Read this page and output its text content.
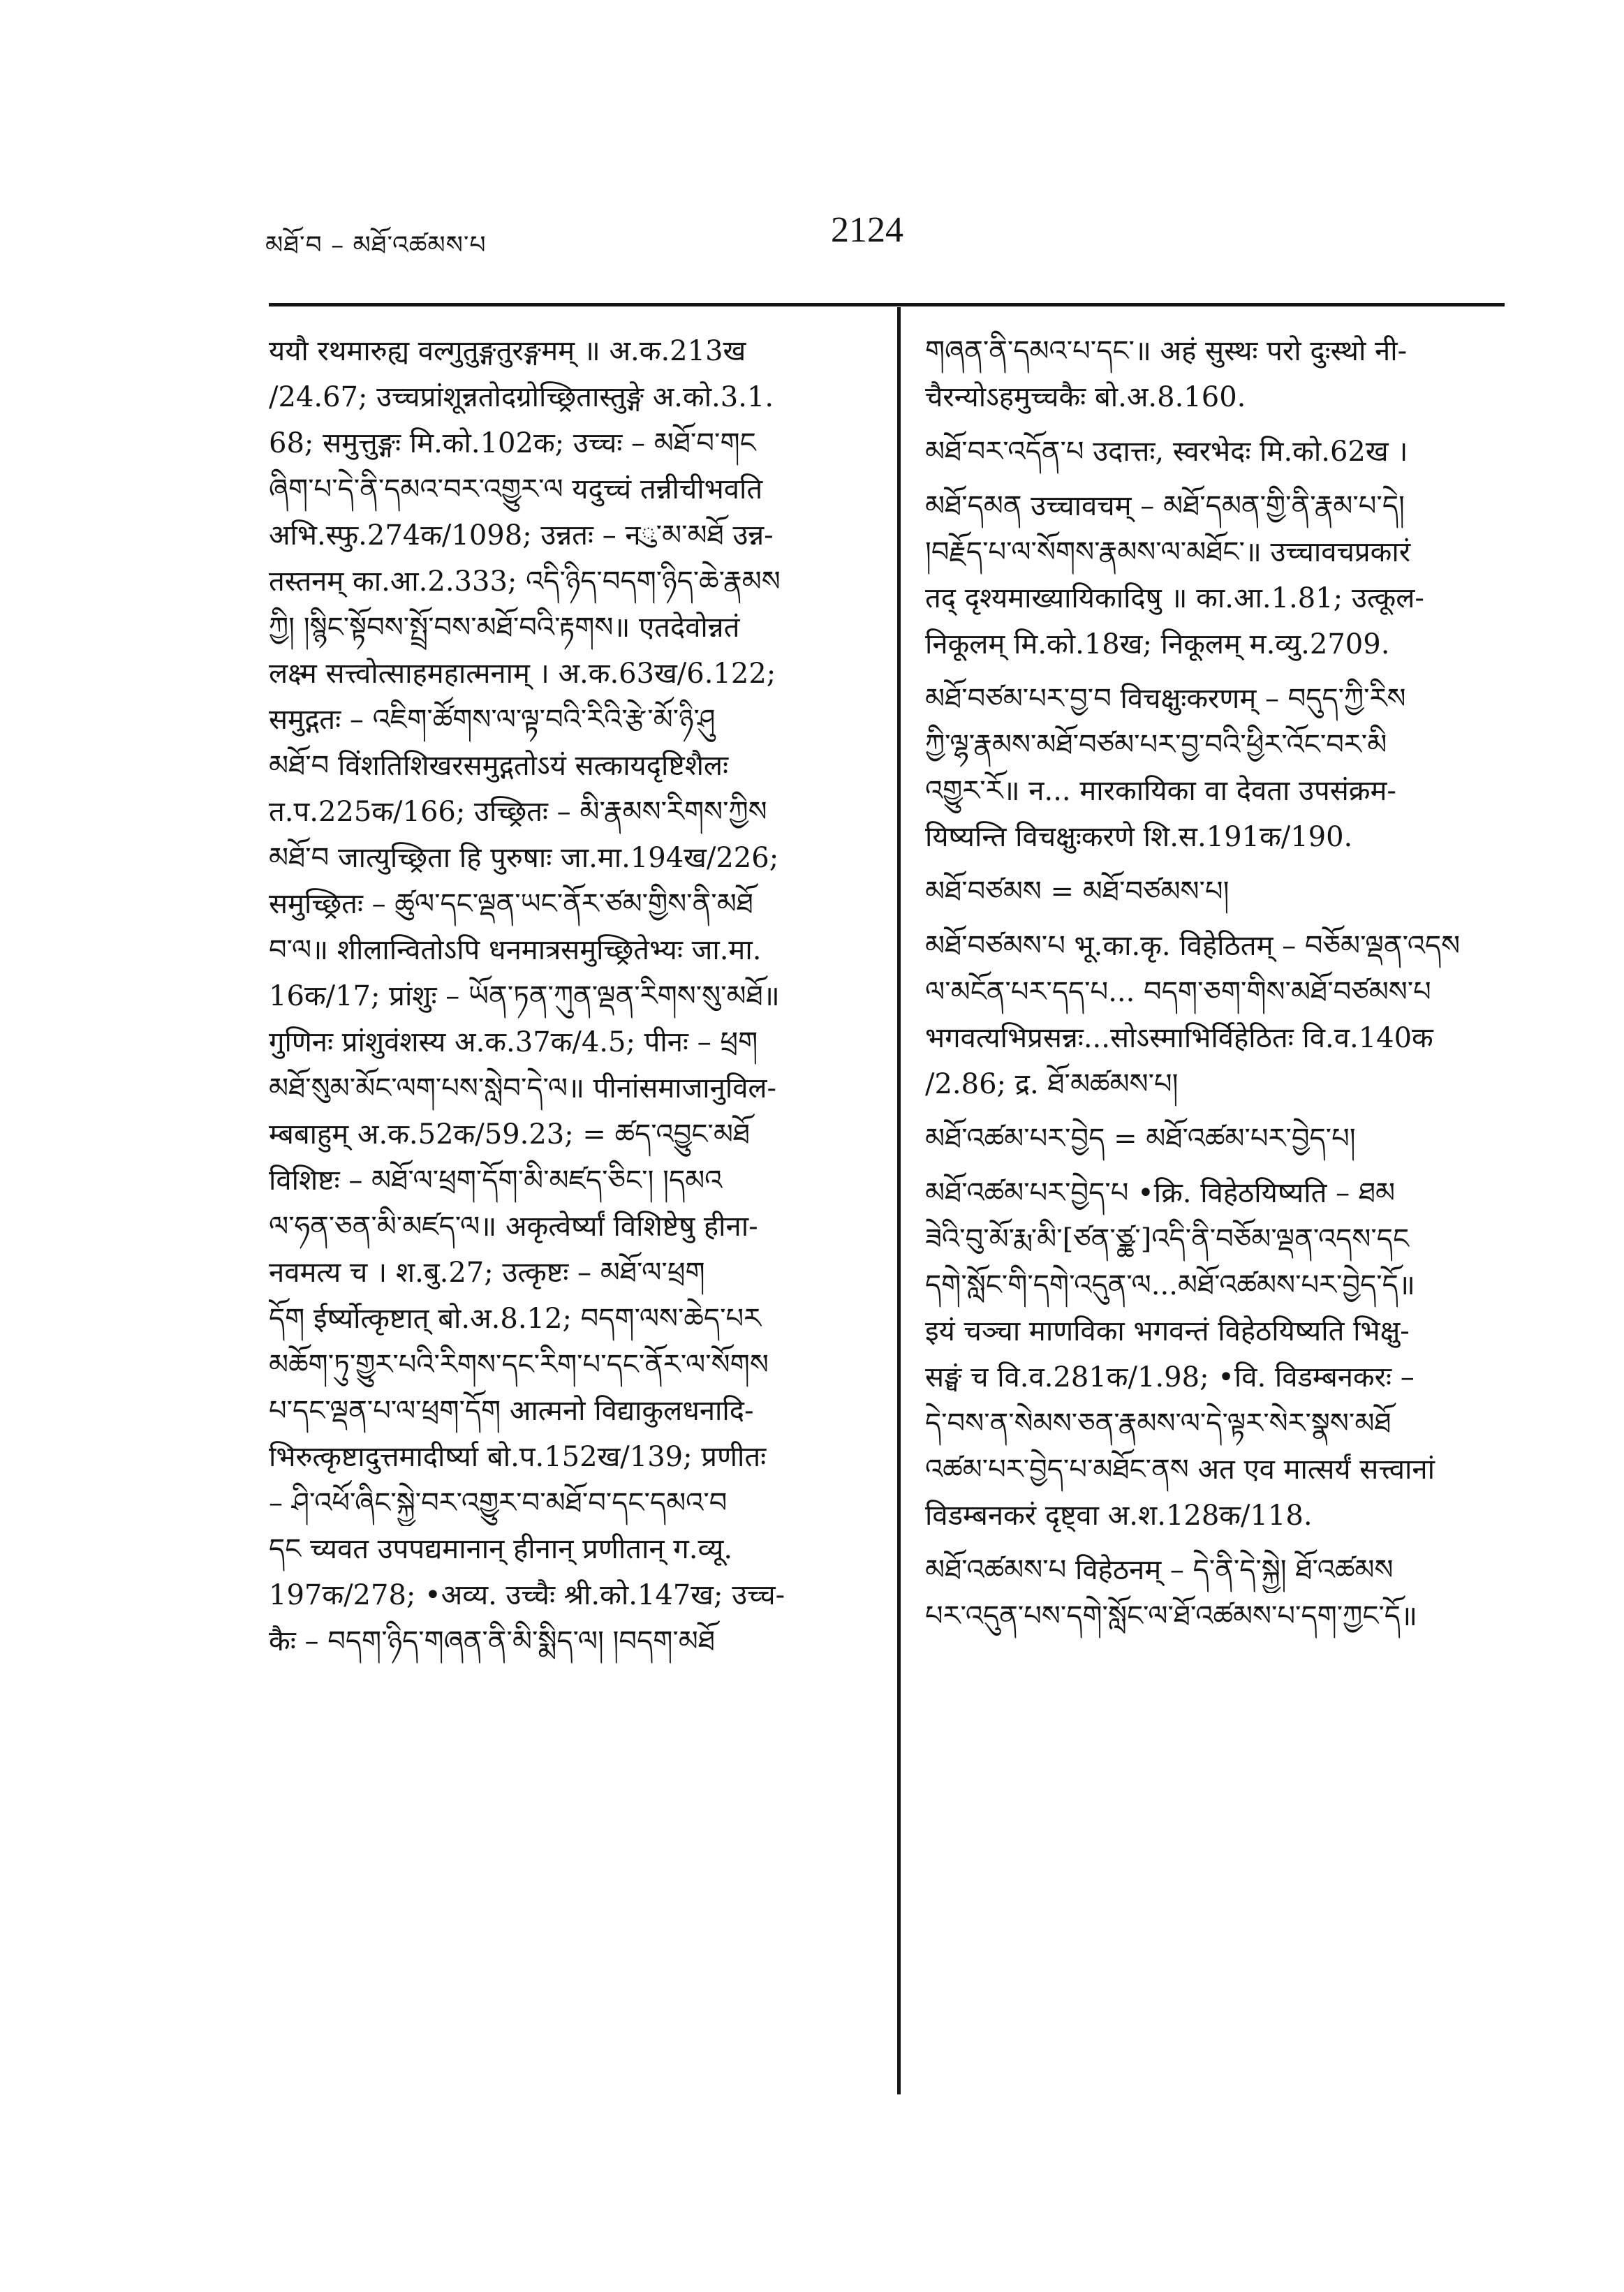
མཐོ་བ – མཐོ་འཚམས་པ	2124
ययौ रथमारुह्य वल्गुतुङ्गतुरङ्गमम् ॥ अ.क.213ख
/24.67; उच्चप्रांशून्नतोदग्रोच्छ्रितास्तुङ्गे अ.को.3.1.
68; समुत्तुङ्गः मि.को.102क; उच्चः – མཐོ་བ་གང
ཞིག་པ་དེ་ནི་དམའ་བར་འགྱུར་ལ यदुच्चं तन्नीचीभवति
अभि.स्फु.274क/1098; उन्नतः – नུ་མ་མཐོ उन्न-
तस्तनम् का.आ.2.333; འདི་ཉིད་བདག་ཉིད་ཆེ་རྣམས
ཀྱི། །སྙིང་སྟོབས་སྤྲོ་བས་མཐོ་བའི་རྟགས॥ एतदेवोन्नतं
लक्ष्म सत्त्वोत्साहमहात्मनाम् । अ.क.63ख/6.122;
समुद्गतः – འཇིག་ཚོགས་ལ་ལྟ་བའི་རིའི་རྩེ་མོ་ཉི་ཤུ
མཐོ་བ विंशतिशिखरसमुद्गतोऽयं सत्कायदृष्टिशैलः
त.प.225क/166; उच्छ्रितः – མི་རྣམས་རིགས་ཀྱིས
མཐོ་བ जात्युच्छ्रिता हि पुरुषाः जा.मा.194ख/226;
समुच्छ्रितः – ཚུལ་དང་ལྡན་ཡང་ནོར་ཙམ་གྱིས་ནི་མཐོ
བ་ལ॥ शीलान्वितोऽपि धनमात्रसमुच्छ्रितेभ्यः जा.मा.
16क/17; प्रांशुः – ཡོན་ཏན་ཀུན་ལྡན་རིགས་སུ་མཐོ॥
गुणिनः प्रांशुवंशस्य अ.क.37क/4.5; पीनः – ཕྲག
མཐོ་སུམ་མོང་ལག་པས་སླེབ་དེ་ལ॥ पीनांसमाजानुविल-
म्बबाहुम् अ.क.52क/59.23; = ཚད་འབྱུང་མཐོ
विशिष्टः – མཐོ་ལ་ཕྲག་དོག་མི་མཛད་ཅིང་། །དམའ
ལ་ཧན་ཅན་མི་མཛད་ལ॥ अकृत्वेर्ष्यां विशिष्टेषु हीना-
नवमत्य च । श.बु.27; उत्कृष्टः – མཐོ་ལ་ཕྲག
དོག ईर्ष्योत्कृष्टात् बो.अ.8.12; བདག་ལས་ཆེད་པར
མཆོག་ཏུ་གྱུར་པའི་རིགས་དང་རིག་པ་དང་ནོར་ལ་སོགས
པ་དང་ལྡན་པ་ལ་ཕྲག་དོག आत्मनो विद्याकुलधनादि-
भिरुत्कृष्टादुत्तमादीर्ष्या बो.प.152ख/139; प्रणीतः
– ཤི་འཕོ་ཞིང་སྐྱེ་བར་འགྱུར་བ་མཐོ་བ་དང་དམའ་བ
དང च्यवत उपपद्यमानान् हीनान् प्रणीतान् ग.व्यू.
197क/278; •अव्य. उच्चैः श्री.को.147ख; उच्च-
कैः – བདག་ཉིད་གཞན་ནི་མི་སྨིད་ལ། །བདག་མཐོ
གཞན་ནི་དམའ་པ་དང་॥ अहं सुस्थः परो दुःस्थो नी-
चैरन्योऽहमुच्चकैः बो.अ.8.160.
མཐོ་བར་འདོན་པ उदात्तः, स्वरभेदः मि.को.62ख ।
མཐོ་དམན उच्चावचम् – མཐོ་དམན་གྱི་ནི་རྣམ་པ་དེ།
།བརྗོད་པ་ལ་སོགས་རྣམས་ལ་མཐོང་॥ उच्चावचप्रकारं
तद् दृश्यमाख्यायिकादिषु ॥ का.आ.1.81; उत्कूल-
निकूलम् मि.को.18ख; निकूलम् म.व्यु.2709.
མཐོ་བཙམ་པར་བྱ་བ विचक्षुःकरणम् – བདུད་ཀྱི་རིས
ཀྱི་ལྷ་རྣམས་མཐོ་བཙམ་པར་བྱ་བའི་ཕྱིར་འོང་བར་མི
འགྱུར་རོ॥ न... मारकायिका वा देवता उपसंक्रम-
यिष्यन्ति विचक्षुःकरणे शि.स.191क/190.
མཐོ་བཙམས = མཐོ་བཙམས་པ།
མཐོ་བཙམས་པ भू.का.कृ. विहेठितम् – བཅོམ་ལྡན་འདས
ལ་མངོན་པར་དད་པ... བདག་ཅག་གིས་མཐོ་བཙམས་པ
भगवत्यभिप्रसन्नः...सोऽस्माभिर्विहेठितः वि.व.140क
/2.86; द्र. ཐོ་མཚམས་པ།
མཐོ་འཚམ་པར་བྱེད = མཐོ་འཚམ་པར་བྱེད་པ།
མཐོ་འཚམ་པར་བྱེད་པ •क्रि. विहेठयिष्यति – ཐམ
ཟེའི་བུ་མོ་རྨ་མི་[ཙན་ཙྪ་]འདི་ནི་བཅོམ་ལྡན་འདས་དང
དགེ་སློང་གི་དགེ་འདུན་ལ...མཐོ་འཚམས་པར་བྱེད་དོ॥
इयं चञ्चा माणविका भगवन्तं विहेठयिष्यति भिक्षु-
सङ्घं च वि.व.281क/1.98; •वि. विडम्बनकरः –
དེ་བས་ན་སེམས་ཅན་རྣམས་ལ་དེ་ལྟར་སེར་སྣས་མཐོ
འཚམ་པར་བྱེད་པ་མཐོང་ནས अत एव मात्सर्यं सत्त्वानां
विडम्बनकरं दृष्ट्वा अ.श.128क/118.
མཐོ་འཚམས་པ विहेठनम् – དེ་ནི་དེ་སྐྱེ། ཐོ་འཚམས
པར་འདུན་པས་དགེ་སློང་ལ་ཐོ་འཚམས་པ་དག་ཀྱང་དོ॥
